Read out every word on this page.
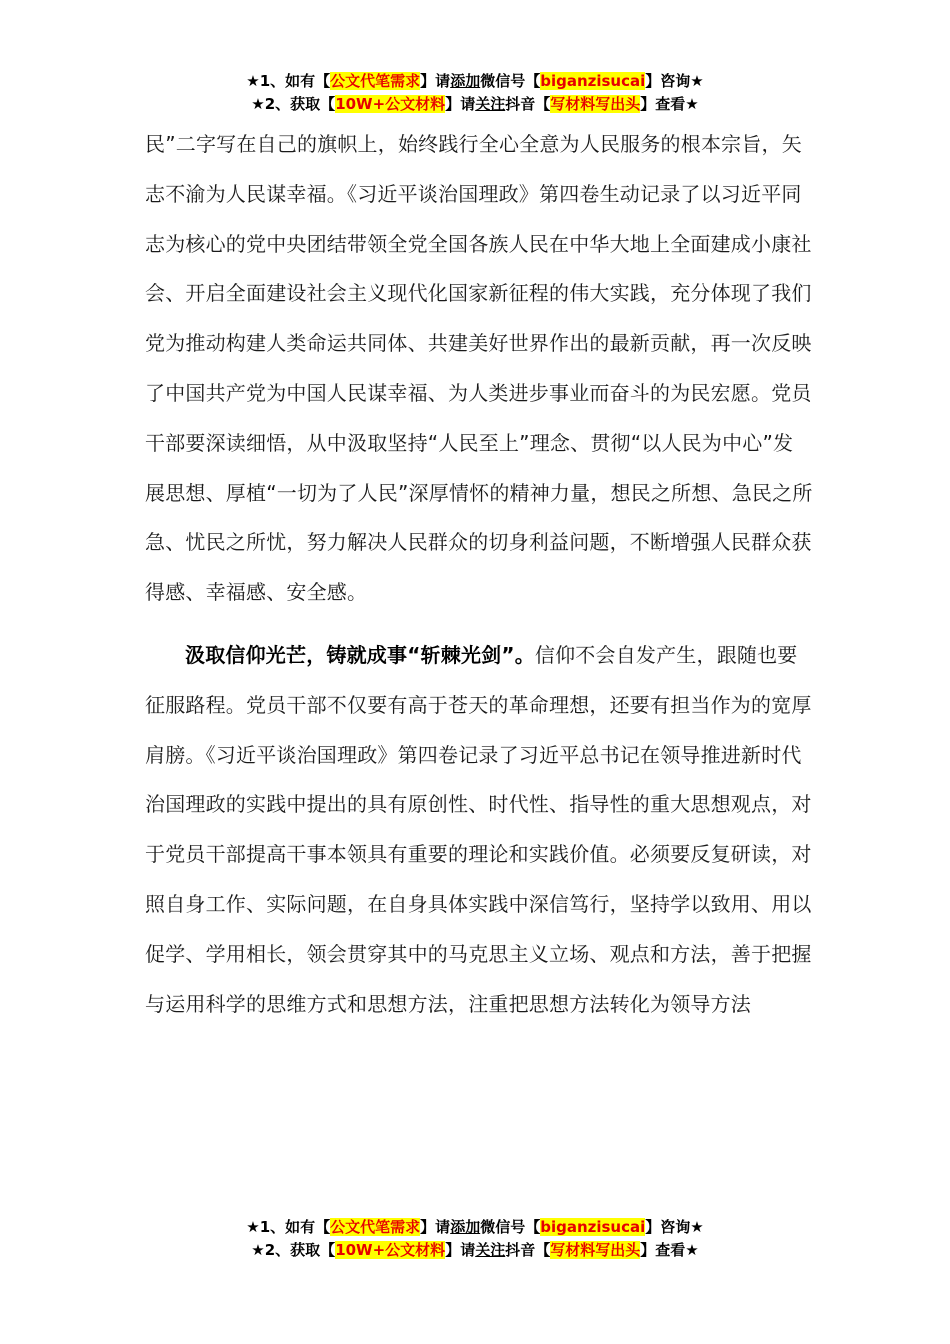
★1、如有【公文代笔需求】请添加微信号【biganzisucai】咨询★
★2、获取【10W+公文材料】请关注抖音【写材料写出头】查看★

民”二字写在自己的旗帜上，始终践行全心全意为人民服务的根本宗旨，矢志不渝为人民谋幸福。《习近平谈治国理政》第四卷生动记录了以习近平同志为核心的党中央团结带领全党全国各族人民在中华大地上全面建成小康社会、开启全面建设社会主义现代化国家新征程的伟大实践，充分体现了我们党为推动构建人类命运共同体、共建美好世界作出的最新贡献，再一次反映了中国共产党为中国人民谋幸福、为人类进步事业而奋斗的为民宏愿。党员干部要深读细悟，从中汲取坚持“人民至上”理念、贯彻“以人民为中心”发展思想、厚植“一切为了人民”深厚情怀的精神力量，想民之所想、急民之所急、忧民之所忧，努力解决人民群众的切身利益问题，不断增强人民群众获得感、幸福感、安全感。

汲取信仰光芒，铸就成事“斩棘光剑”。信仰不会自发产生，跟随也要征服路程。党员干部不仅要有高于苍天的革命理想，还要有担当作为的宽厚肩膀。《习近平谈治国理政》第四卷记录了习近平总书记在领导推进新时代治国理政的实践中提出的具有原创性、时代性、指导性的重大思想观点，对于党员干部提高干事本领具有重要的理论和实践价值。必须要反复研读，对照自身工作、实际问题，在自身具体实践中深信笃行，坚持学以致用、用以促学、学用相长，领会贯穿其中的马克思主义立场、观点和方法，善于把握与运用科学的思维方式和思想方法，注重把思想方法转化为领导方法

★1、如有【公文代笔需求】请添加微信号【biganzisucai】咨询★
★2、获取【10W+公文材料】请关注抖音【写材料写出头】查看★
